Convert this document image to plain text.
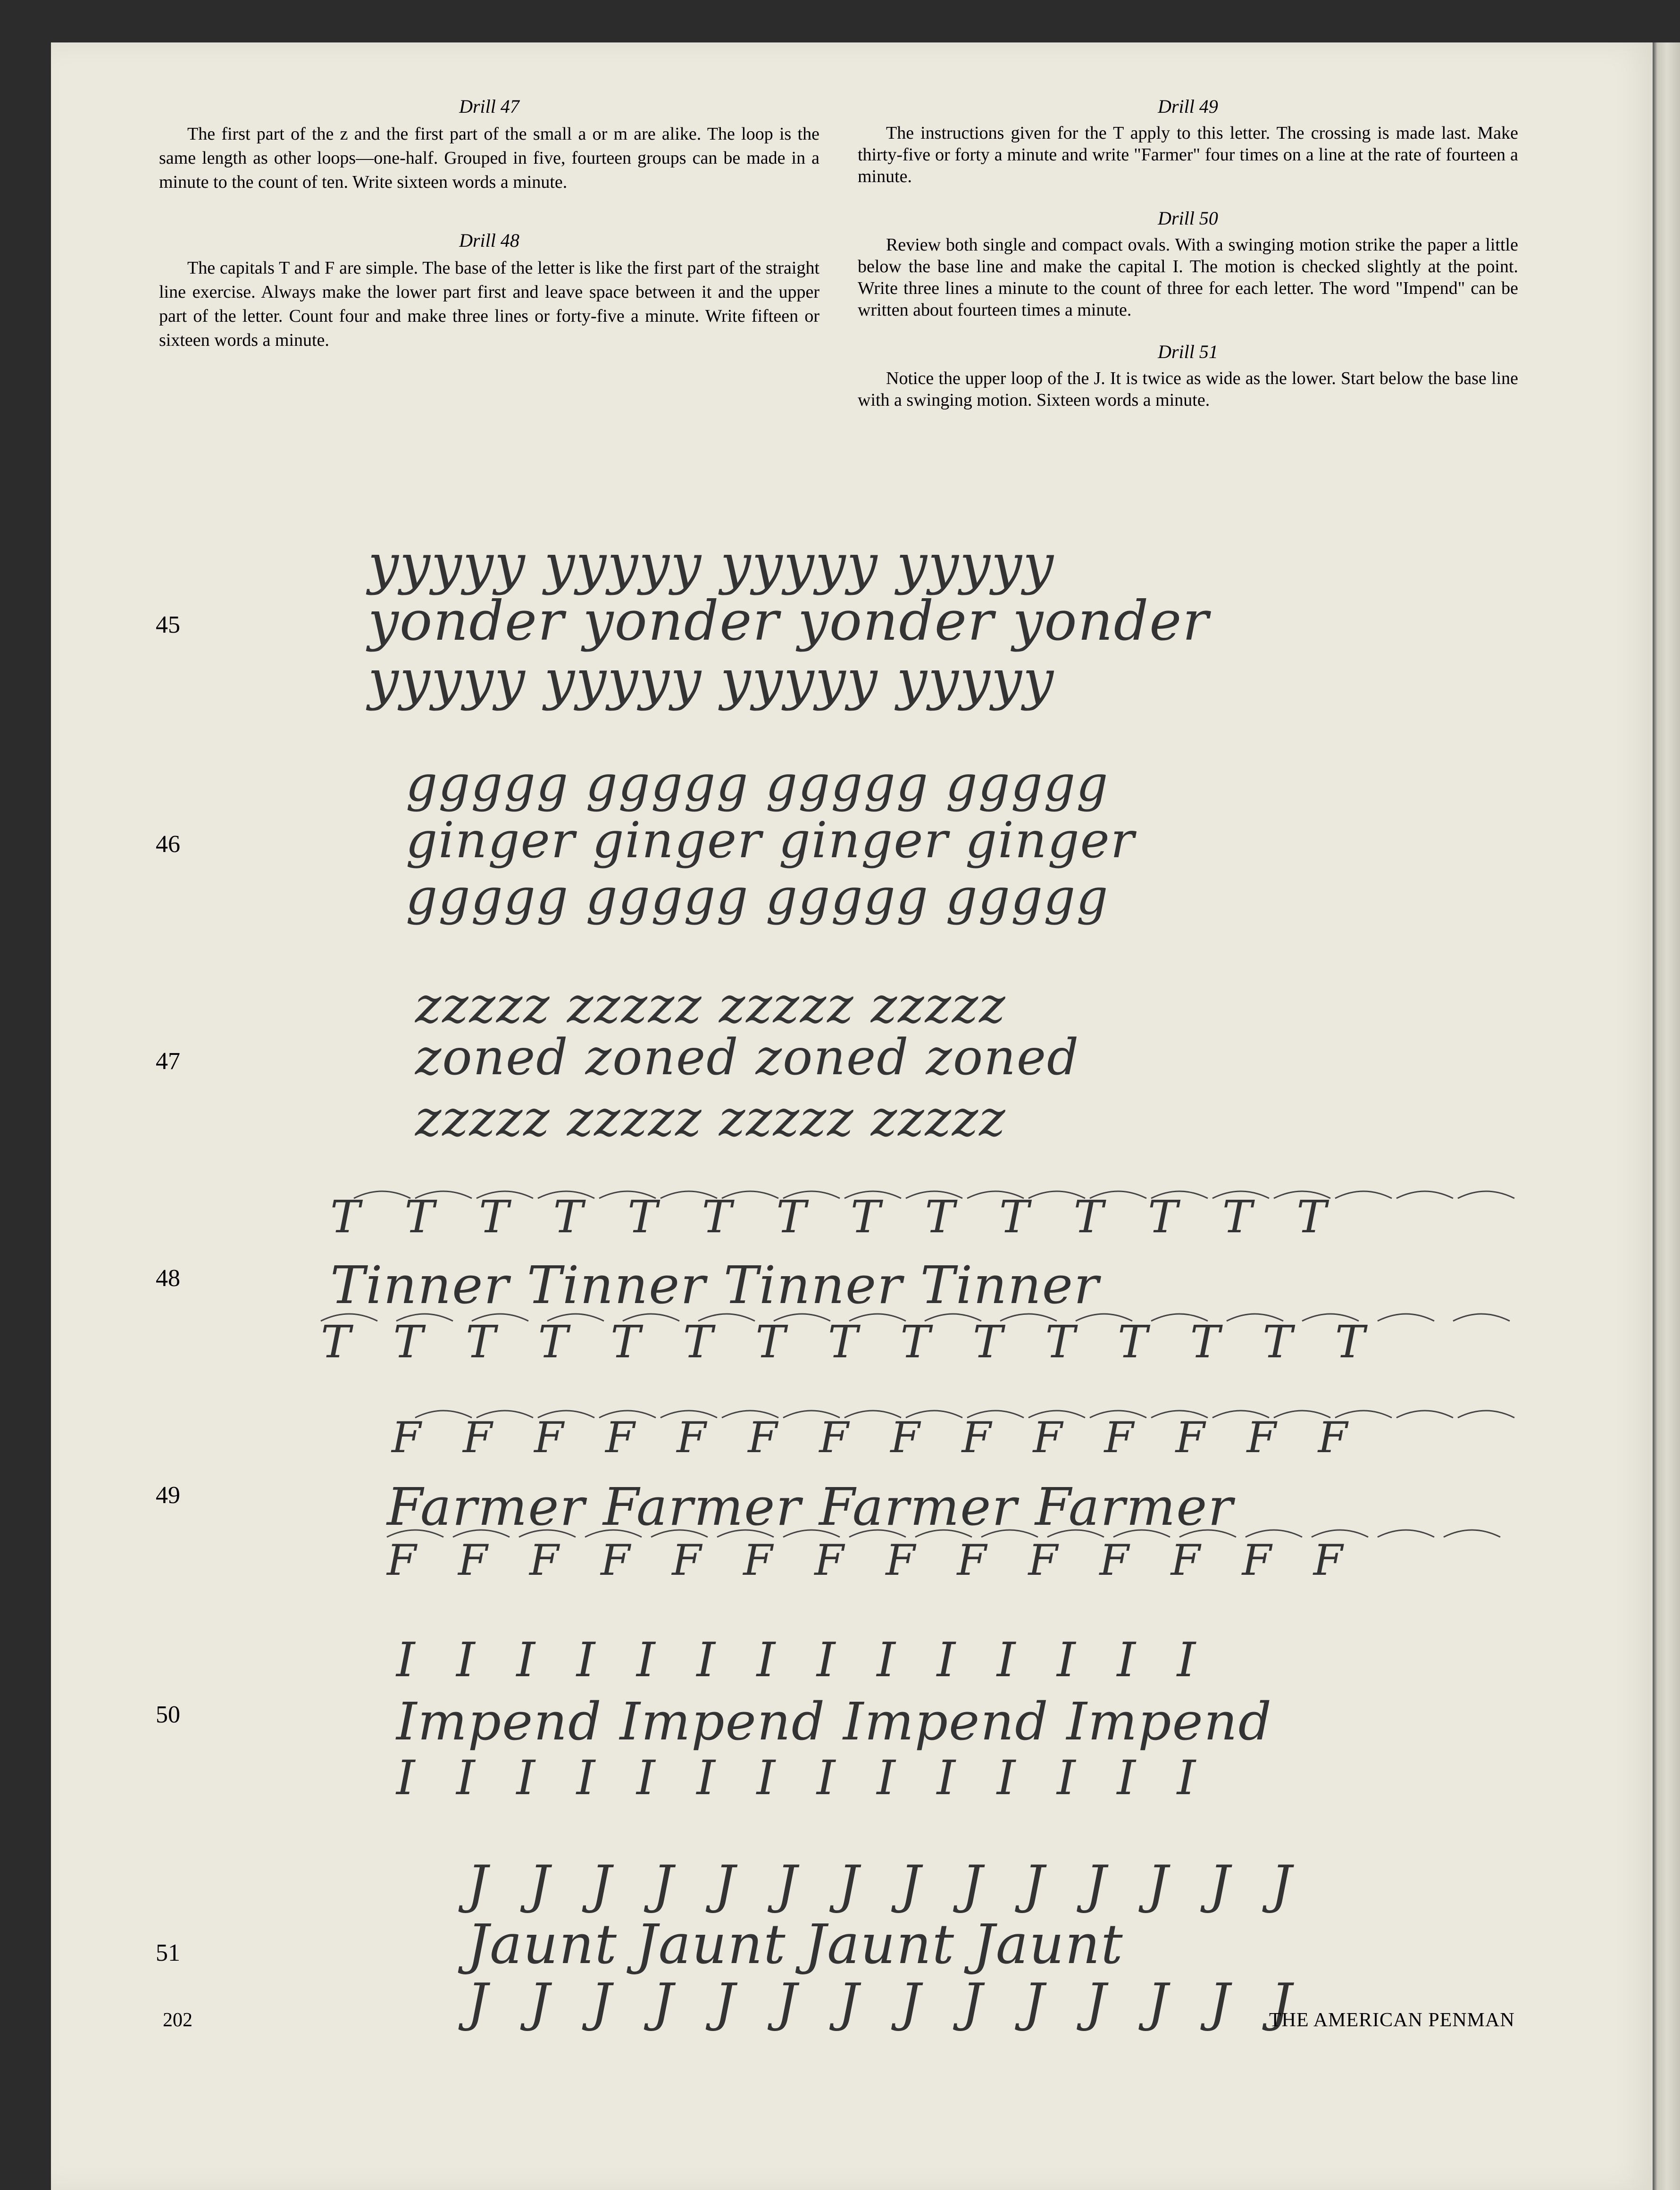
Drill 47

The first part of the z and the first part of the small a or m are alike. The loop is the same length as other loops—one-half. Grouped in five, fourteen groups can be made in a minute to the count of ten. Write sixteen words a minute.

Drill 48

The capitals T and F are simple. The base of the letter is like the first part of the straight line exercise. Always make the lower part first and leave space between it and the upper part of the letter. Count four and make three lines or forty-five a minute. Write fifteen or sixteen words a minute.

Drill 49

The instructions given for the T apply to this letter. The crossing is made last. Make thirty-five or forty a minute and write "Farmer" four times on a line at the rate of fourteen a minute.

Drill 50

Review both single and compact ovals. With a swinging motion strike the paper a little below the base line and make the capital I. The motion is checked slightly at the point. Write three lines a minute to the count of three for each letter. The word "Impend" can be written about fourteen times a minute.

Drill 51

Notice the upper loop of the J. It is twice as wide as the lower. Start below the base line with a swinging motion. Sixteen words a minute.

45
yyyyy yyyyy yyyyy yyyyy
yonder yonder yonder yonder
yyyyy yyyyy yyyyy yyyyy
46
ggggg ggggg ggggg ggggg
ginger ginger ginger ginger
ggggg ggggg ggggg ggggg
47
zzzzz zzzzz zzzzz zzzzz
zoned zoned zoned zoned
zzzzz zzzzz zzzzz zzzzz
48
T T T T T T T T T T T T T T
Tinner Tinner Tinner Tinner
T T T T T T T T T T T T T T T
49
F F F F F F F F F F F F F F
Farmer Farmer Farmer Farmer
F F F F F F F F F F F F F F
50
I I I I I I I I I I I I I I
Impend Impend Impend Impend
I I I I I I I I I I I I I I
51
J J J J J J J J J J J J J J
Jaunt Jaunt Jaunt Jaunt
J J J J J J J J J J J J J J
202	THE AMERICAN PENMAN
